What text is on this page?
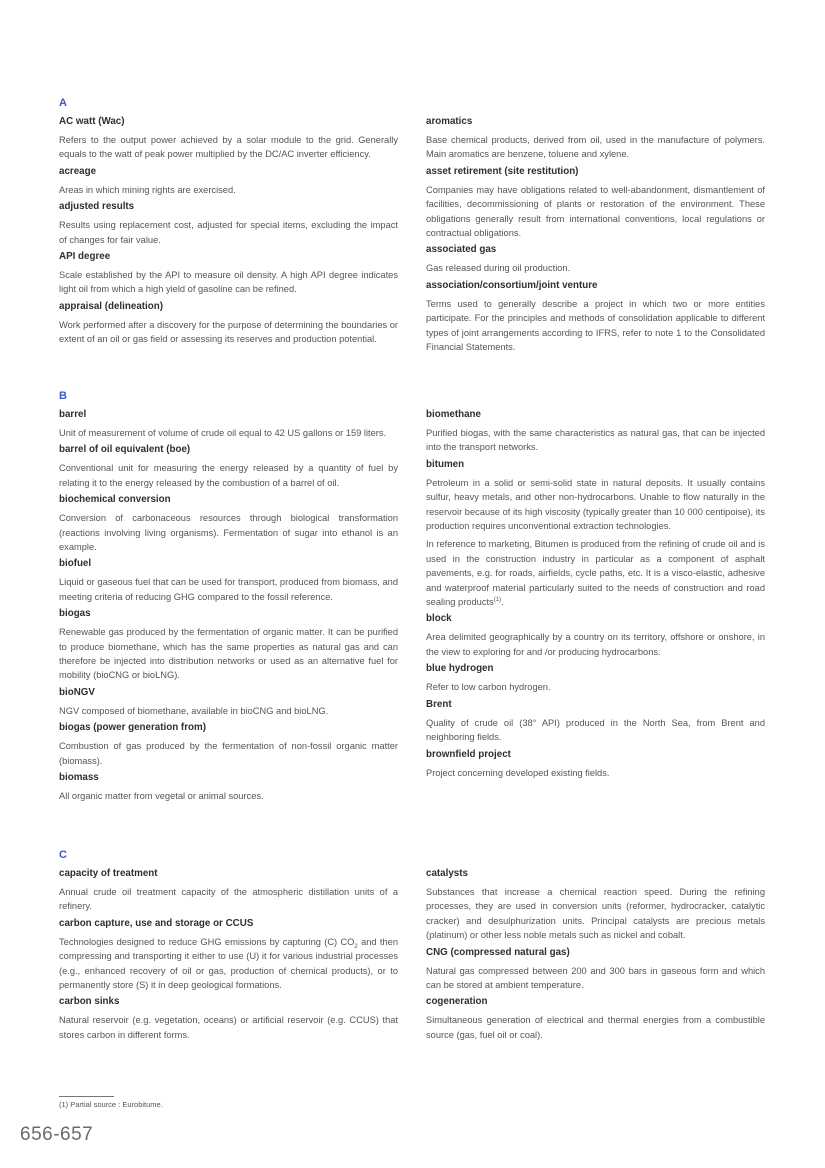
A
AC watt (Wac)
Refers to the output power achieved by a solar module to the grid. Generally equals to the watt of peak power multiplied by the DC/AC inverter efficiency.
acreage
Areas in which mining rights are exercised.
adjusted results
Results using replacement cost, adjusted for special items, excluding the impact of changes for fair value.
API degree
Scale established by the API to measure oil density. A high API degree indicates light oil from which a high yield of gasoline can be refined.
appraisal (delineation)
Work performed after a discovery for the purpose of determining the boundaries or extent of an oil or gas field or assessing its reserves and production potential.
aromatics
Base chemical products, derived from oil, used in the manufacture of polymers. Main aromatics are benzene, toluene and xylene.
asset retirement (site restitution)
Companies may have obligations related to well-abandonment, dismantlement of facilities, decommissioning of plants or restoration of the environment. These obligations generally result from international conventions, local regulations or contractual obligations.
associated gas
Gas released during oil production.
association/consortium/joint venture
Terms used to generally describe a project in which two or more entities participate. For the principles and methods of consolidation applicable to different types of joint arrangements according to IFRS, refer to note 1 to the Consolidated Financial Statements.
B
barrel
Unit of measurement of volume of crude oil equal to 42 US gallons or 159 liters.
barrel of oil equivalent (boe)
Conventional unit for measuring the energy released by a quantity of fuel by relating it to the energy released by the combustion of a barrel of oil.
biochemical conversion
Conversion of carbonaceous resources through biological transformation (reactions involving living organisms). Fermentation of sugar into ethanol is an example.
biofuel
Liquid or gaseous fuel that can be used for transport, produced from biomass, and meeting criteria of reducing GHG compared to the fossil reference.
biogas
Renewable gas produced by the fermentation of organic matter. It can be purified to produce biomethane, which has the same properties as natural gas and can therefore be injected into distribution networks or used as an alternative fuel for mobility (bioCNG or bioLNG).
bioNGV
NGV composed of biomethane, available in bioCNG and bioLNG.
biogas (power generation from)
Combustion of gas produced by the fermentation of non-fossil organic matter (biomass).
biomass
All organic matter from vegetal or animal sources.
biomethane
Purified biogas, with the same characteristics as natural gas, that can be injected into the transport networks.
bitumen
Petroleum in a solid or semi-solid state in natural deposits. It usually contains sulfur, heavy metals, and other non-hydrocarbons. Unable to flow naturally in the reservoir because of its high viscosity (typically greater than 10 000 centipoise), its production requires unconventional extraction technologies.
In reference to marketing, Bitumen is produced from the refining of crude oil and is used in the construction industry in particular as a component of asphalt pavements, e.g. for roads, airfields, cycle paths, etc. It is a visco-elastic, adhesive and waterproof material particularly suited to the needs of construction and road sealing products$^{(1)}$.
block
Area delimited geographically by a country on its territory, offshore or onshore, in the view to exploring for and /or producing hydrocarbons.
blue hydrogen
Refer to low carbon hydrogen.
Brent
Quality of crude oil (38° API) produced in the North Sea, from Brent and neighboring fields.
brownfield project
Project concerning developed existing fields.
C
capacity of treatment
Annual crude oil treatment capacity of the atmospheric distillation units of a refinery.
carbon capture, use and storage or CCUS
Technologies designed to reduce GHG emissions by capturing (C) $CO_2$ and then compressing and transporting it either to use (U) it for various industrial processes (e.g., enhanced recovery of oil or gas, production of chemical products), or to permanently store (S) it in deep geological formations.
carbon sinks
Natural reservoir (e.g. vegetation, oceans) or artificial reservoir (e.g. CCUS) that stores carbon in different forms.
catalysts
Substances that increase a chemical reaction speed. During the refining processes, they are used in conversion units (reformer, hydrocracker, catalytic cracker) and desulphurization units. Principal catalysts are precious metals (platinum) or other less noble metals such as nickel and cobalt.
CNG (compressed natural gas)
Natural gas compressed between 200 and 300 bars in gaseous form and which can be stored at ambient temperature.
cogeneration
Simultaneous generation of electrical and thermal energies from a combustible source (gas, fuel oil or coal).
(1) Partial source : Eurobitume.
656-657
